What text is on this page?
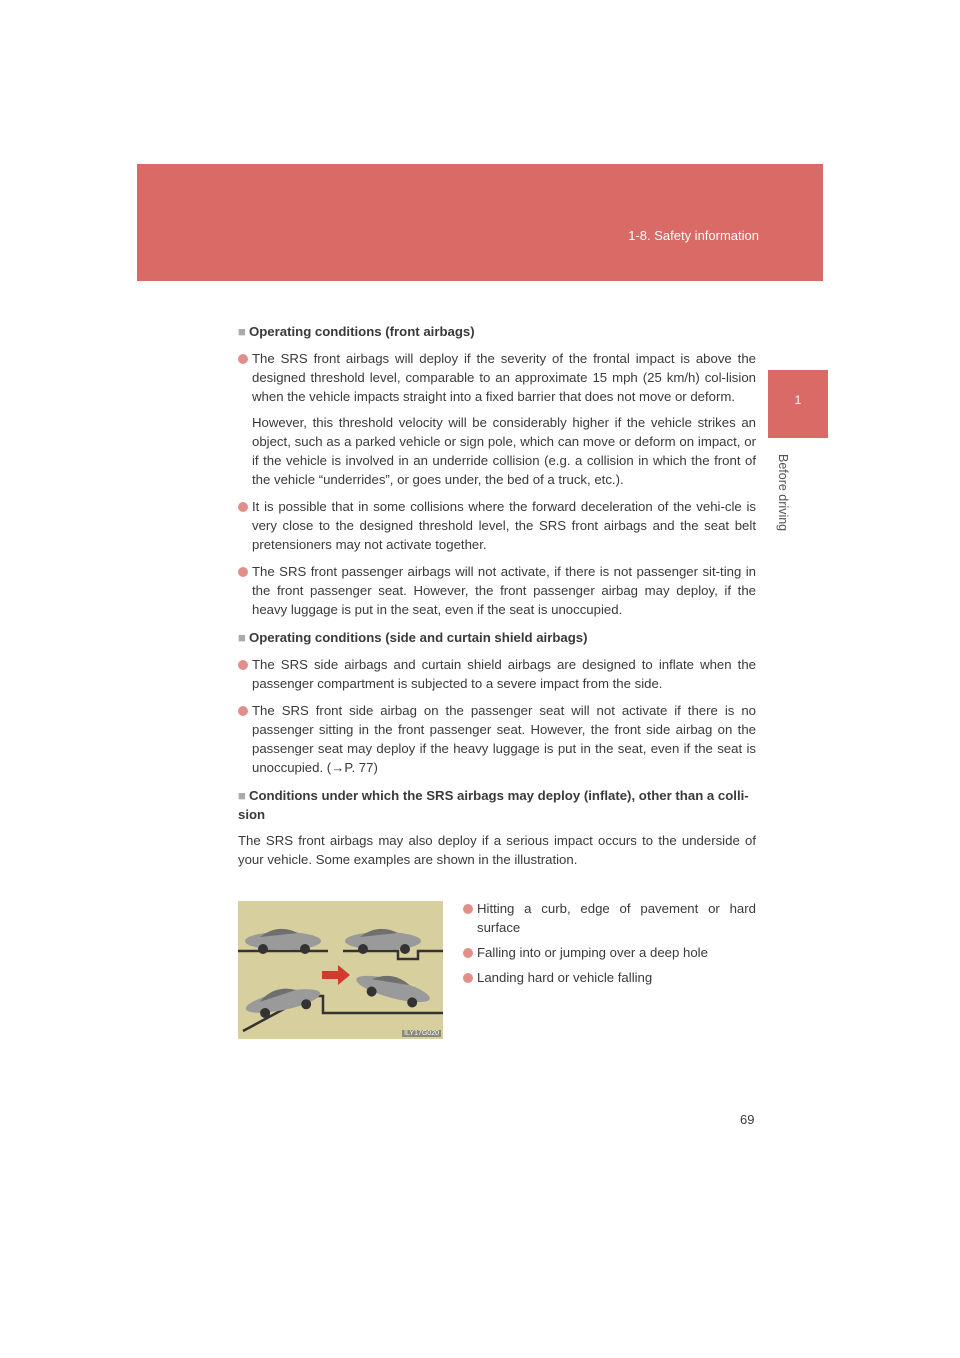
1-8. Safety information
1
Before driving
■ Operating conditions (front airbags)
The SRS front airbags will deploy if the severity of the frontal impact is above the designed threshold level, comparable to an approximate 15 mph (25 km/h) col-lision when the vehicle impacts straight into a fixed barrier that does not move or deform.
However, this threshold velocity will be considerably higher if the vehicle strikes an object, such as a parked vehicle or sign pole, which can move or deform on impact, or if the vehicle is involved in an underride collision (e.g. a collision in which the front of the vehicle “underrides”, or goes under, the bed of a truck, etc.).
It is possible that in some collisions where the forward deceleration of the vehi-cle is very close to the designed threshold level, the SRS front airbags and the seat belt pretensioners may not activate together.
The SRS front passenger airbags will not activate, if there is not passenger sit-ting in the front passenger seat. However, the front passenger airbag may deploy, if the heavy luggage is put in the seat, even if the seat is unoccupied.
■ Operating conditions (side and curtain shield airbags)
The SRS side airbags and curtain shield airbags are designed to inflate when the passenger compartment is subjected to a severe impact from the side.
The SRS front side airbag on the passenger seat will not activate if there is no passenger sitting in the front passenger seat. However, the front side airbag on the passenger seat may deploy if the heavy luggage is put in the seat, even if the seat is unoccupied. (→P. 77)
■ Conditions under which the SRS airbags may deploy (inflate), other than a colli-sion
The SRS front airbags may also deploy if a serious impact occurs to the underside of your vehicle. Some examples are shown in the illustration.
ILY17G020
Hitting a curb, edge of pavement or hard surface
Falling into or jumping over a deep hole
Landing hard or vehicle falling
69
